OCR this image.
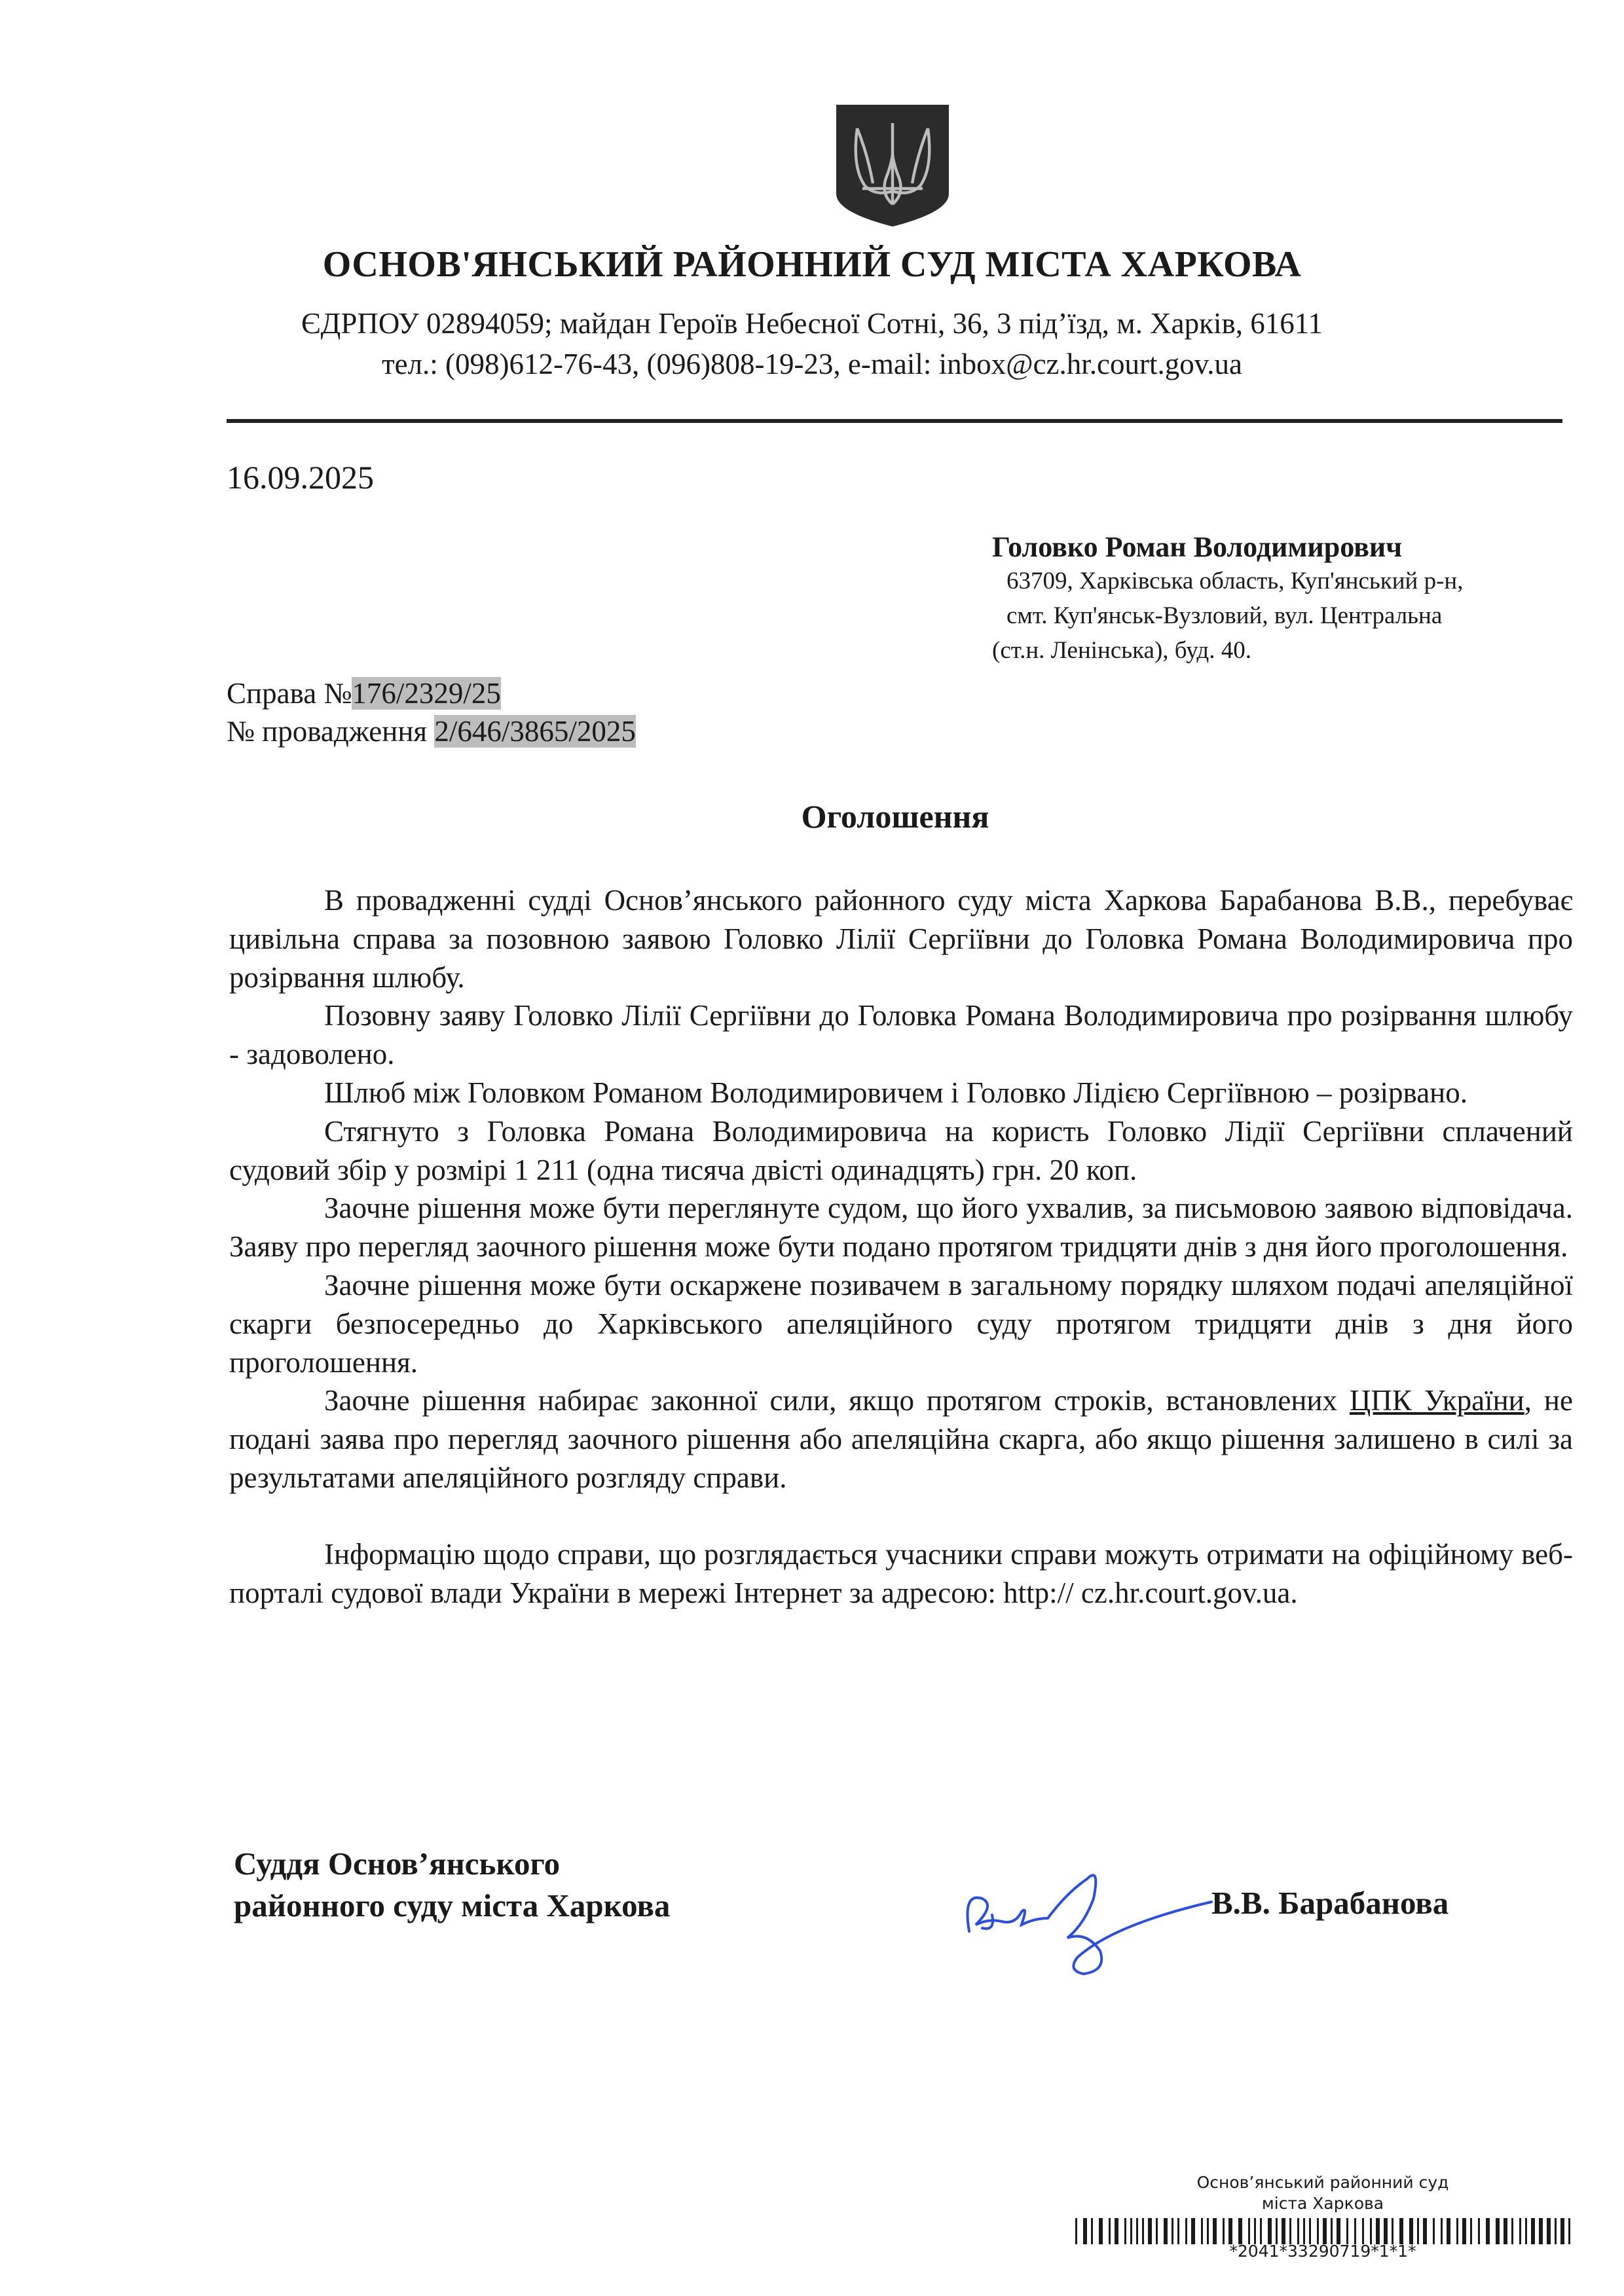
ОСНОВ'ЯНСЬКИЙ РАЙОННИЙ СУД МІСТА ХАРКОВА
ЄДРПОУ 02894059; майдан Героїв Небесної Сотні, 36, 3 під’їзд, м. Харків, 61611
тел.: (098)612-76-43, (096)808-19-23, e-mail: inbox@cz.hr.court.gov.ua
16.09.2025
Головко Роман Володимирович
63709, Харківська область, Куп'янський р-н,
смт. Куп'янськ-Вузловий, вул. Центральна
(ст.н. Ленінська), буд. 40.
Справа №176/2329/25
№ провадження 2/646/3865/2025
Оголошення

В провадженні судді Основ’янського районного суду міста Харкова Барабанова В.В., перебуває цивільна справа за позовною заявою Головко Лілії Сергіївни до Головка Романа Володимировича про розірвання шлюбу.

Позовну заяву Головко Лілії Сергіївни до Головка Романа Володимировича про розірвання шлюбу - задоволено.

Шлюб між Головком Романом Володимировичем і Головко Лідією Сергіївною – розірвано.

Стягнуто з Головка Романа Володимировича на користь Головко Лідії Сергіївни сплачений судовий збір у розмірі 1 211 (одна тисяча двісті одинадцять) грн. 20 коп.

Заочне рішення може бути переглянуте судом, що його ухвалив, за письмовою заявою відповідача. Заяву про перегляд заочного рішення може бути подано протягом тридцяти днів з дня його проголошення.

Заочне рішення може бути оскаржене позивачем в загальному порядку шляхом подачі апеляційної скарги безпосередньо до Харківського апеляційного суду протягом тридцяти днів з дня його проголошення.

Заочне рішення набирає законної сили, якщо протягом строків, встановлених ЦПК України, не подані заява про перегляд заочного рішення або апеляційна скарга, або якщо рішення залишено в силі за результатами апеляційного розгляду справи.

Інформацію щодо справи, що розглядається учасники справи можуть отримати на офіційному веб-порталі судової влади України в мережі Інтернет за адресою: http:// cz.hr.court.gov.ua.

Суддя Основ’янського
районного суду міста Харкова	В.В. Барабанова
Основ’янський районний суд
міста Харкова
*2041*33290719*1*1*
